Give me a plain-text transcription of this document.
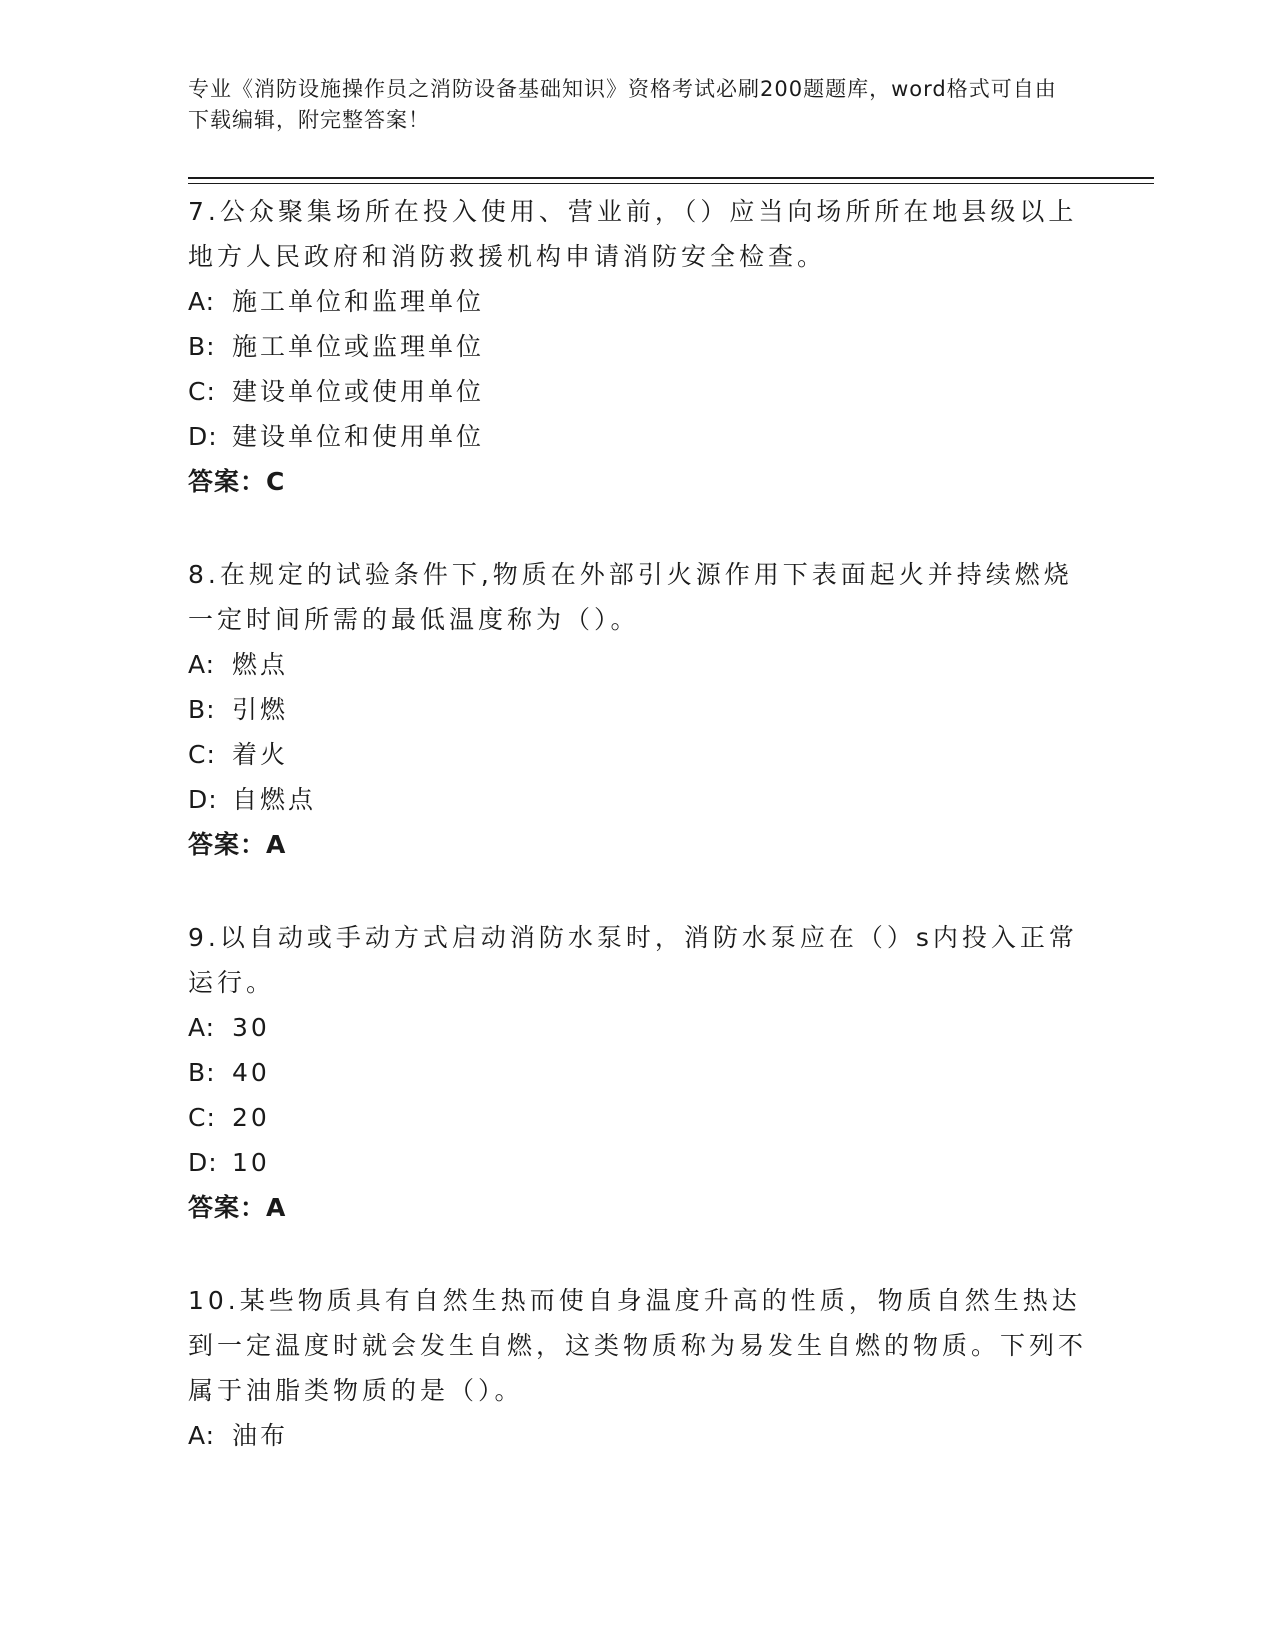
专业《消防设施操作员之消防设备基础知识》资格考试必刷200题题库，word格式可自由下载编辑，附完整答案！

7.公众聚集场所在投入使用、营业前，（）应当向场所所在地县级以上地方人民政府和消防救援机构申请消防安全检查。

A: 施工单位和监理单位
B: 施工单位或监理单位
C: 建设单位或使用单位
D: 建设单位和使用单位

答案：C

8.在规定的试验条件下,物质在外部引火源作用下表面起火并持续燃烧一定时间所需的最低温度称为（）。

A: 燃点
B: 引燃
C: 着火
D: 自燃点

答案：A

9.以自动或手动方式启动消防水泵时，消防水泵应在（）s内投入正常运行。

A: 30
B: 40
C: 20
D: 10

答案：A

10.某些物质具有自然生热而使自身温度升高的性质，物质自然生热达到一定温度时就会发生自燃，这类物质称为易发生自燃的物质。下列不属于油脂类物质的是（）。

A: 油布
